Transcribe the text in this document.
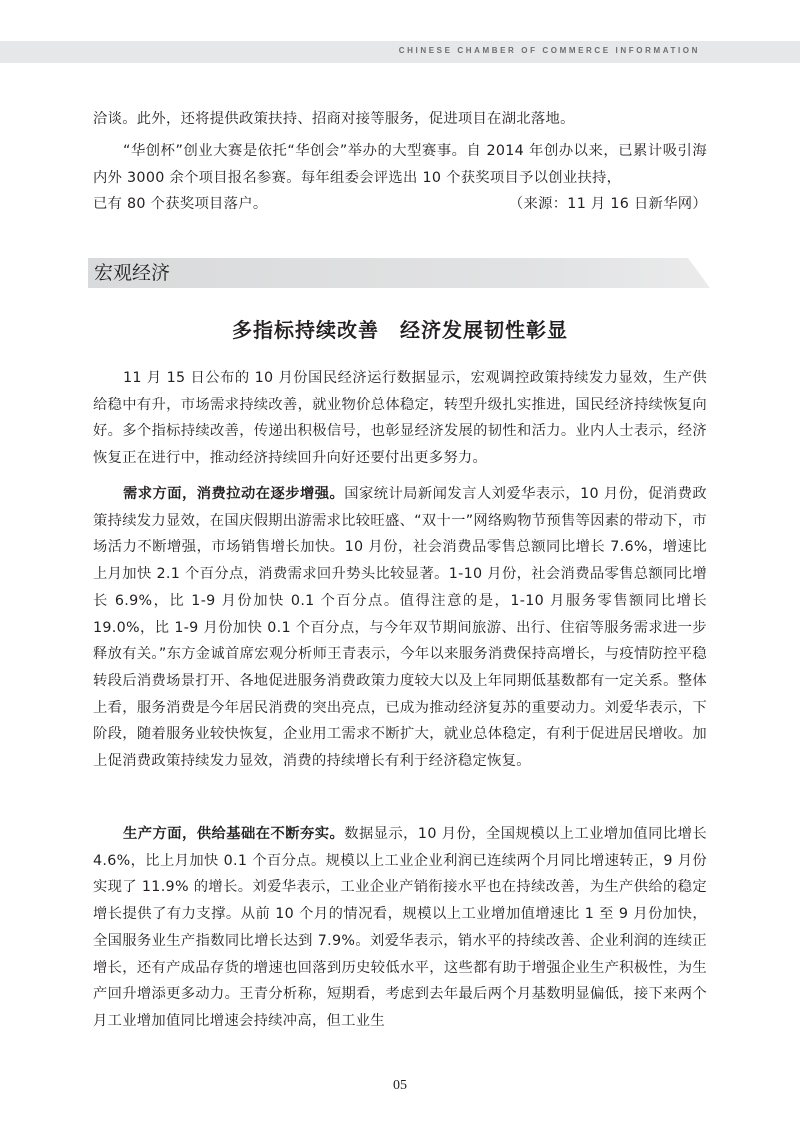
CHINESE CHAMBER OF COMMERCE INFORMATION

洽谈。此外，还将提供政策扶持、招商对接等服务，促进项目在湖北落地。

“华创杯”创业大赛是依托“华创会”举办的大型赛事。自 2014 年创办以来，已累计吸引海内外 3000 余个项目报名参赛。每年组委会评选出 10 个获奖项目予以创业扶持，

已有 80 个获奖项目落户。	（来源：11 月 16 日新华网）
宏观经济
多指标持续改善　经济发展韧性彰显

11 月 15 日公布的 10 月份国民经济运行数据显示，宏观调控政策持续发力显效，生产供给稳中有升，市场需求持续改善，就业物价总体稳定，转型升级扎实推进，国民经济持续恢复向好。多个指标持续改善，传递出积极信号，也彰显经济发展的韧性和活力。业内人士表示，经济恢复正在进行中，推动经济持续回升向好还要付出更多努力。

需求方面，消费拉动在逐步增强。国家统计局新闻发言人刘爱华表示，10 月份，促消费政策持续发力显效，在国庆假期出游需求比较旺盛、“双十一”网络购物节预售等因素的带动下，市场活力不断增强，市场销售增长加快。10 月份，社会消费品零售总额同比增长 7.6%，增速比上月加快 2.1 个百分点，消费需求回升势头比较显著。1-10 月份，社会消费品零售总额同比增长 6.9%，比 1-9 月份加快 0.1 个百分点。值得注意的是，1-10 月服务零售额同比增长 19.0%，比 1-9 月份加快 0.1 个百分点，与今年双节期间旅游、出行、住宿等服务需求进一步释放有关。”东方金诚首席宏观分析师王青表示，今年以来服务消费保持高增长，与疫情防控平稳转段后消费场景打开、各地促进服务消费政策力度较大以及上年同期低基数都有一定关系。整体上看，服务消费是今年居民消费的突出亮点，已成为推动经济复苏的重要动力。刘爱华表示，下阶段，随着服务业较快恢复，企业用工需求不断扩大，就业总体稳定，有利于促进居民增收。加上促消费政策持续发力显效，消费的持续增长有利于经济稳定恢复。

生产方面，供给基础在不断夯实。数据显示，10 月份，全国规模以上工业增加值同比增长 4.6%，比上月加快 0.1 个百分点。规模以上工业企业利润已连续两个月同比增速转正，9 月份实现了 11.9% 的增长。刘爱华表示，工业企业产销衔接水平也在持续改善，为生产供给的稳定增长提供了有力支撑。从前 10 个月的情况看，规模以上工业增加值增速比 1 至 9 月份加快，全国服务业生产指数同比增长达到 7.9%。刘爱华表示，销水平的持续改善、企业利润的连续正增长，还有产成品存货的增速也回落到历史较低水平，这些都有助于增强企业生产积极性，为生产回升增添更多动力。王青分析称，短期看，考虑到去年最后两个月基数明显偏低，接下来两个月工业增加值同比增速会持续冲高，但工业生

05
